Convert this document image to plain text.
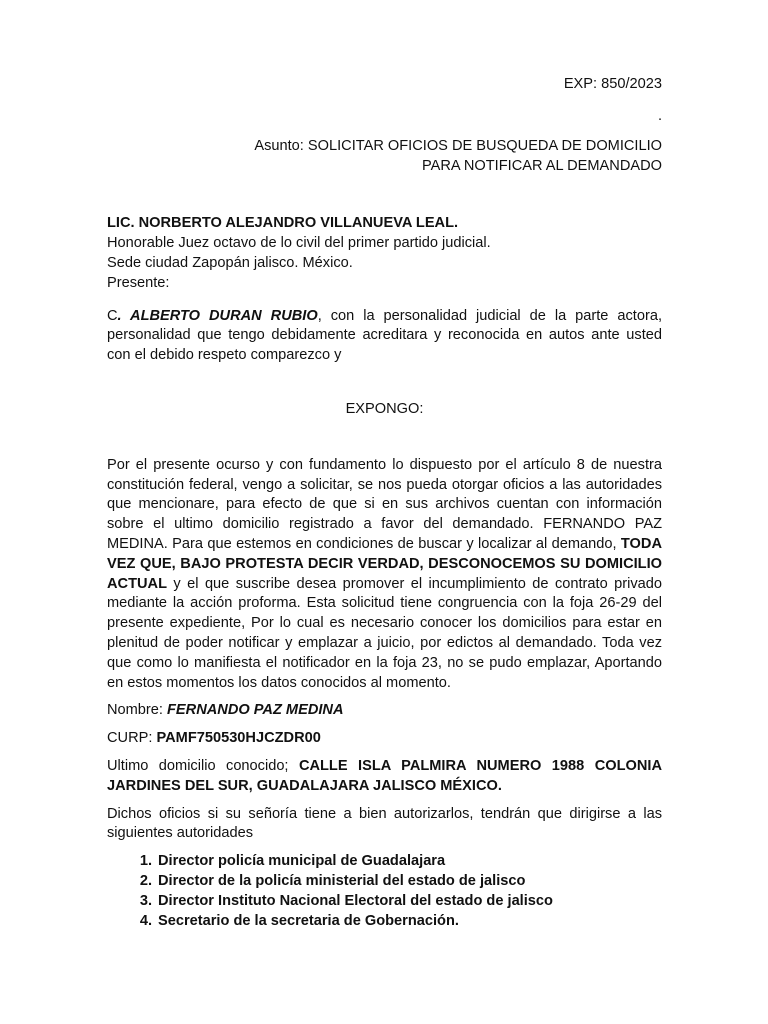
EXP: 850/2023
.
Asunto: SOLICITAR OFICIOS DE BUSQUEDA DE DOMICILIO
PARA NOTIFICAR AL DEMANDADO
LIC. NORBERTO ALEJANDRO VILLANUEVA LEAL.
Honorable Juez octavo de lo civil del primer partido judicial.
Sede ciudad Zapopán jalisco. México.
Presente:
C. ALBERTO DURAN RUBIO, con la personalidad judicial de la parte actora, personalidad que tengo debidamente acreditara y reconocida en autos ante usted con el debido respeto comparezco y
EXPONGO:
Por el presente ocurso y con fundamento lo dispuesto por el artículo 8 de nuestra constitución federal, vengo a solicitar, se nos pueda otorgar oficios a las autoridades que mencionare, para efecto de que si en sus archivos cuentan con información sobre el ultimo domicilio registrado a favor del demandado. FERNANDO PAZ MEDINA. Para que estemos en condiciones de buscar y localizar al demando, TODA VEZ QUE, BAJO PROTESTA DECIR VERDAD, DESCONOCEMOS SU DOMICILIO ACTUAL y el que suscribe desea promover el incumplimiento de contrato privado mediante la acción proforma. Esta solicitud tiene congruencia con la foja 26-29 del presente expediente, Por lo cual es necesario conocer los domicilios para estar en plenitud de poder notificar y emplazar a juicio, por edictos al demandado. Toda vez que como lo manifiesta el notificador en la foja 23, no se pudo emplazar, Aportando en estos momentos los datos conocidos al momento.
Nombre: FERNANDO PAZ MEDINA
CURP: PAMF750530HJCZDR00
Ultimo domicilio conocido; CALLE ISLA PALMIRA NUMERO 1988 COLONIA JARDINES DEL SUR, GUADALAJARA JALISCO MÉXICO.
Dichos oficios si su señoría tiene a bien autorizarlos, tendrán que dirigirse a las siguientes autoridades
1. Director policía municipal de Guadalajara
2. Director de la policía ministerial del estado de jalisco
3. Director Instituto Nacional Electoral del estado de jalisco
4. Secretario de la secretaria de Gobernación.
